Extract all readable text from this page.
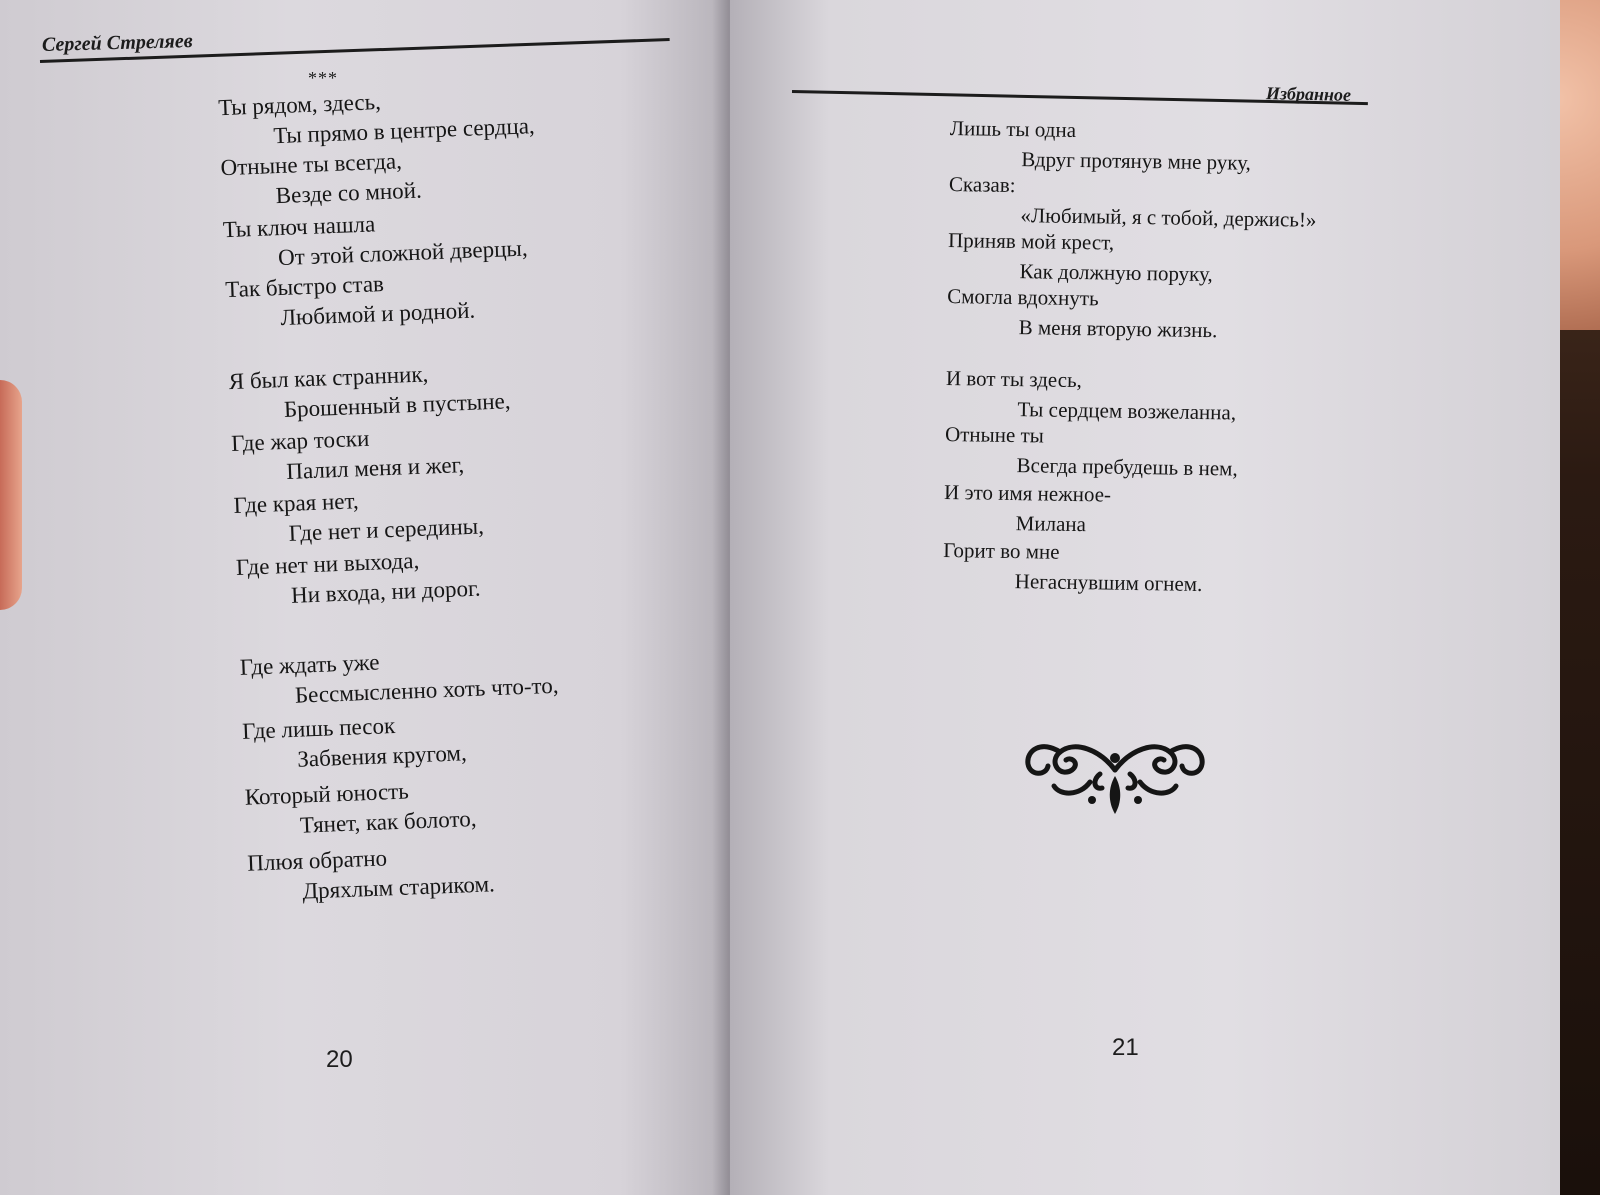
Сергей Стреляев
***
Ты рядом, здесь,
Ты прямо в центре сердца,
Отныне ты всегда,
Везде со мной.
Ты ключ нашла
От этой сложной дверцы,
Так быстро став
Любимой и родной.
Я был как странник,
Брошенный в пустыне,
Где жар тоски
Палил меня и жег,
Где края нет,
Где нет и середины,
Где нет ни выхода,
Ни входа, ни дорог.
Где ждать уже
Бессмысленно хоть что-то,
Где лишь песок
Забвения кругом,
Который юность
Тянет, как болото,
Плюя обратно
Дряхлым стариком.
20
Избранное
Лишь ты одна
Вдруг протянув мне руку,
Сказав:
«Любимый, я с тобой, держись!»
Приняв мой крест,
Как должную поруку,
Смогла вдохнуть
В меня вторую жизнь.
И вот ты здесь,
Ты сердцем возжеланна,
Отныне ты
Всегда пребудешь в нем,
И это имя нежное-
Милана
Горит во мне
Негаснувшим огнем.
21
